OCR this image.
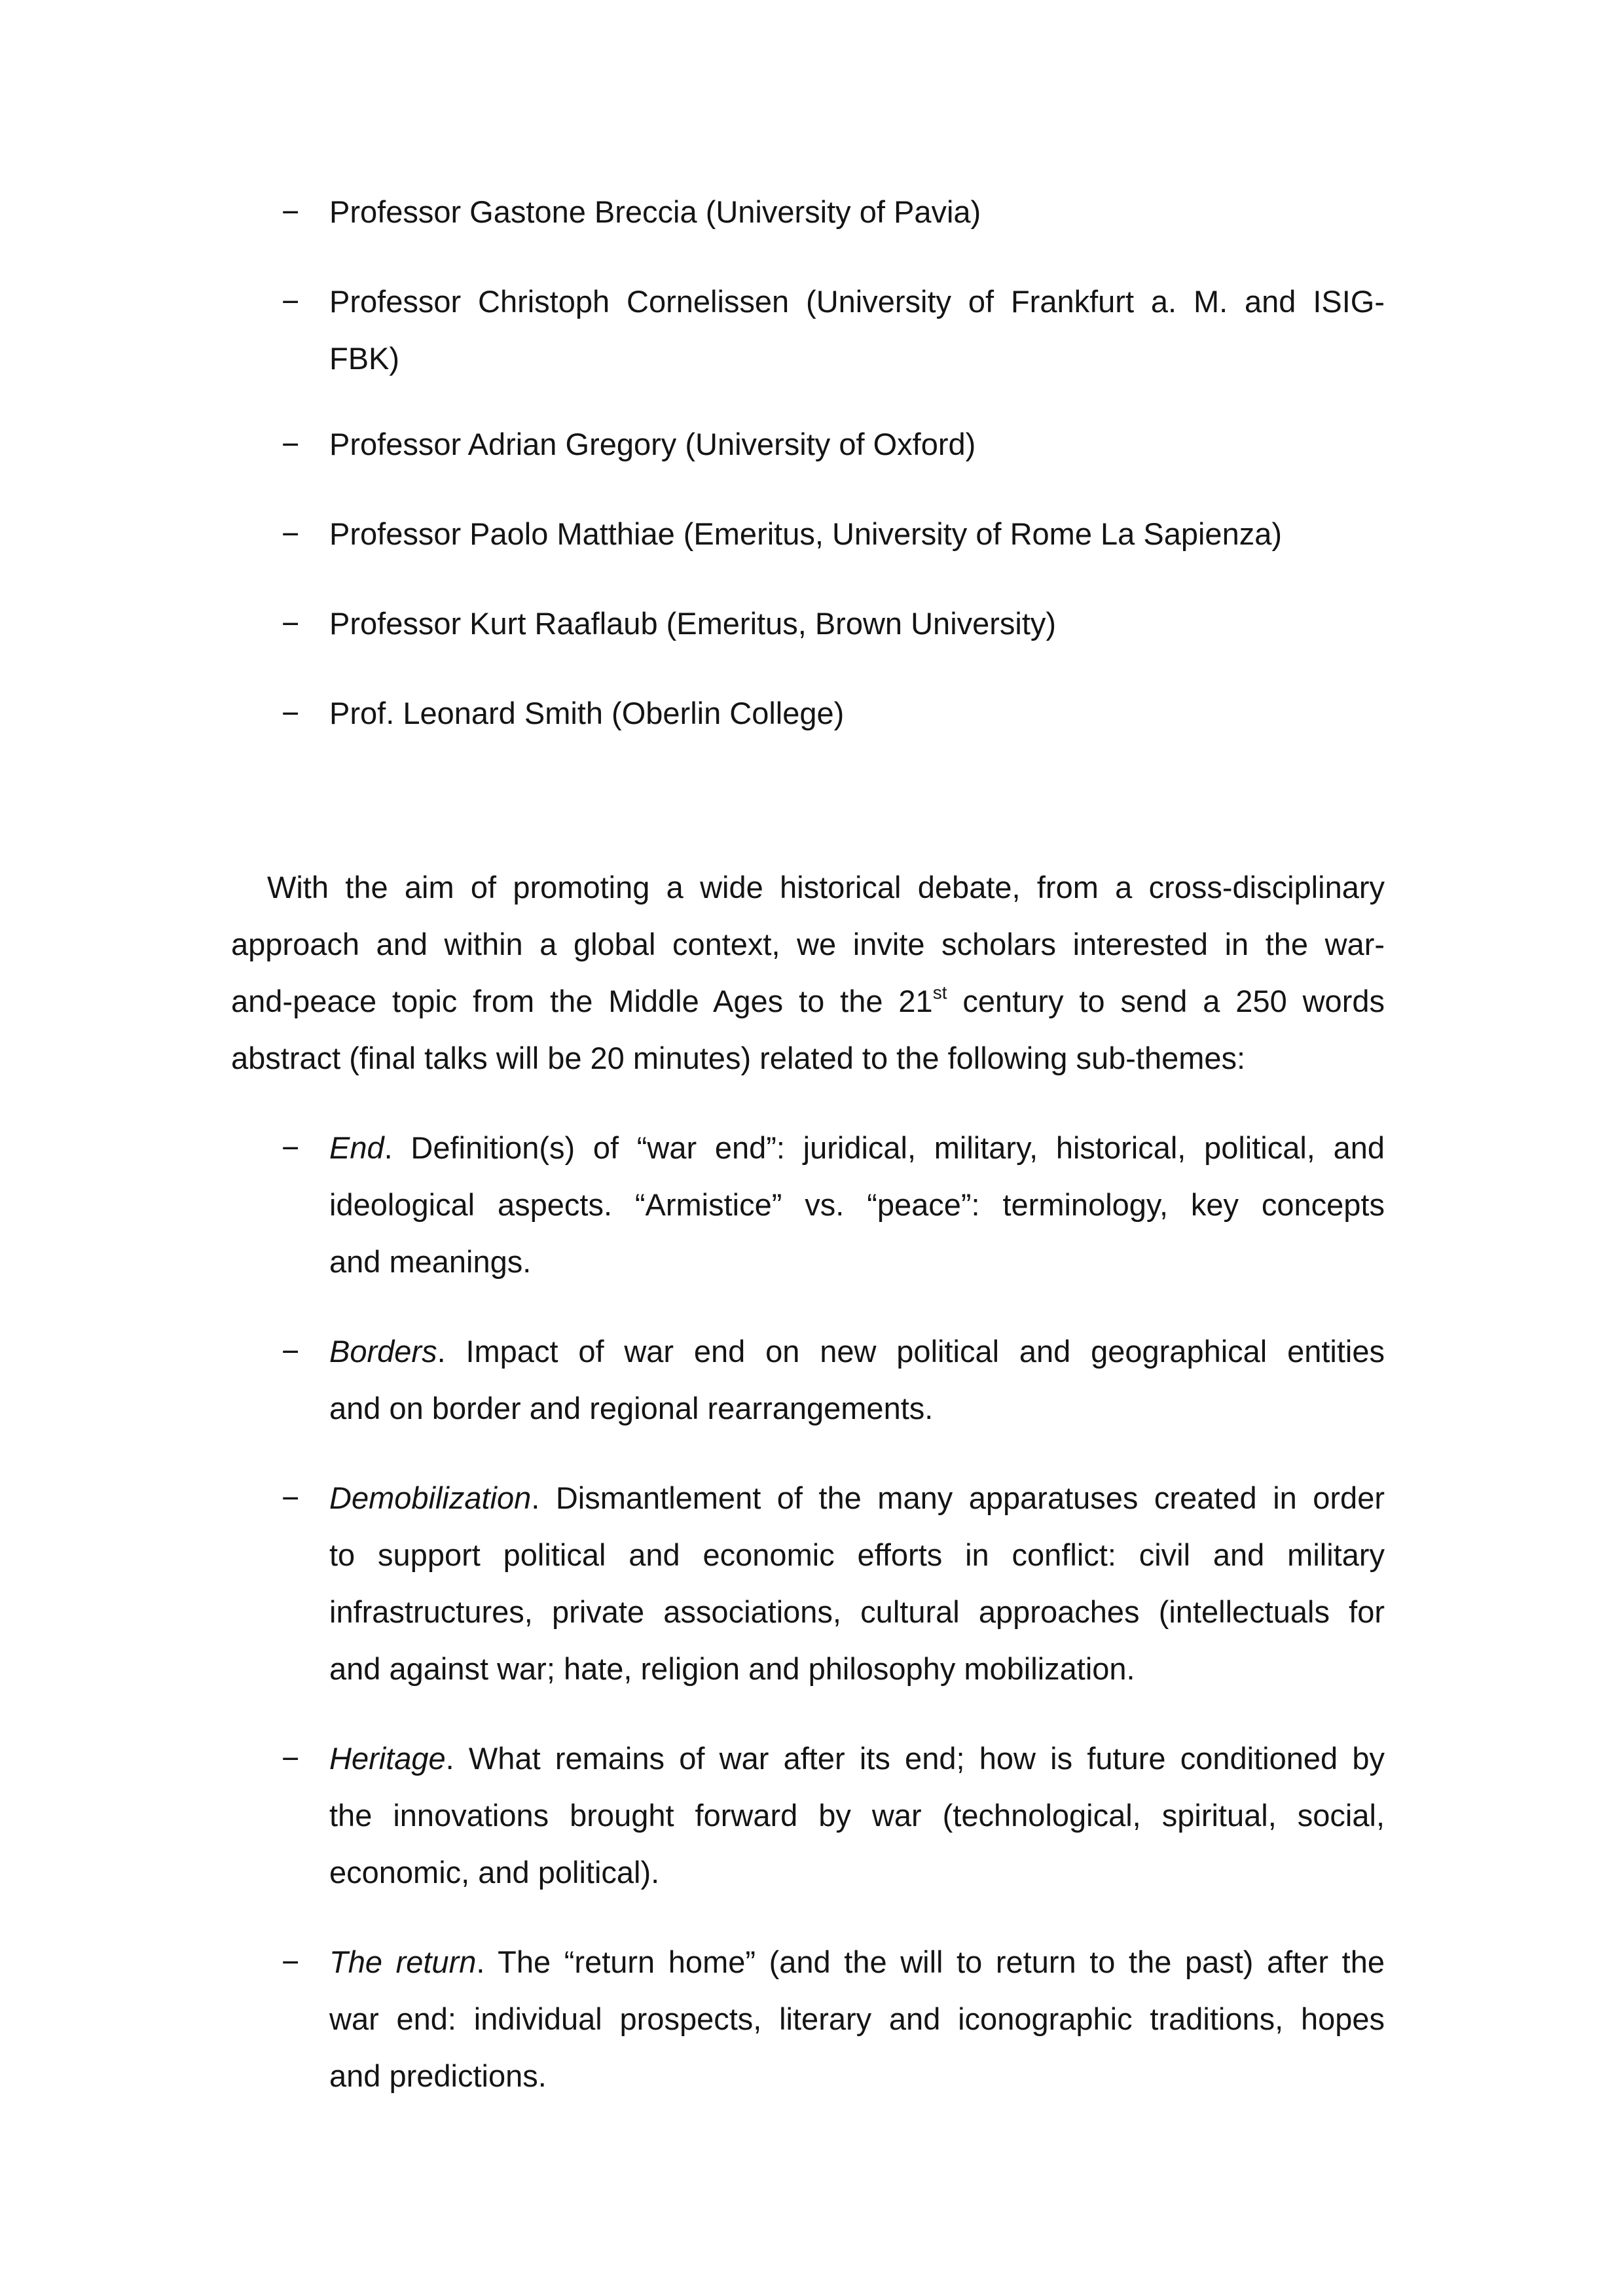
− Professor Gastone Breccia (University of Pavia)
− Professor Christoph Cornelissen (University of Frankfurt a. M. and ISIG-
FBK)
− Professor Adrian Gregory (University of Oxford)
− Professor Paolo Matthiae (Emeritus, University of Rome La Sapienza)
− Professor Kurt Raaflaub (Emeritus, Brown University)
− Prof. Leonard Smith (Oberlin College)
With the aim of promoting a wide historical debate, from a cross-disciplinary
approach and within a global context, we invite scholars interested in the war-
and-peace topic from the Middle Ages to the 21st century to send a 250 words
abstract (final talks will be 20 minutes) related to the following sub-themes:
− End. Definition(s) of “war end”: juridical, military, historical, political, and
ideological aspects. “Armistice” vs. “peace”: terminology, key concepts
and meanings.
− Borders. Impact of war end on new political and geographical entities
and on border and regional rearrangements.
− Demobilization. Dismantlement of the many apparatuses created in order
to support political and economic efforts in conflict: civil and military
infrastructures, private associations, cultural approaches (intellectuals for
and against war; hate, religion and philosophy mobilization.
− Heritage. What remains of war after its end; how is future conditioned by
the innovations brought forward by war (technological, spiritual, social,
economic, and political).
− The return. The “return home” (and the will to return to the past) after the
war end: individual prospects, literary and iconographic traditions, hopes
and predictions.
